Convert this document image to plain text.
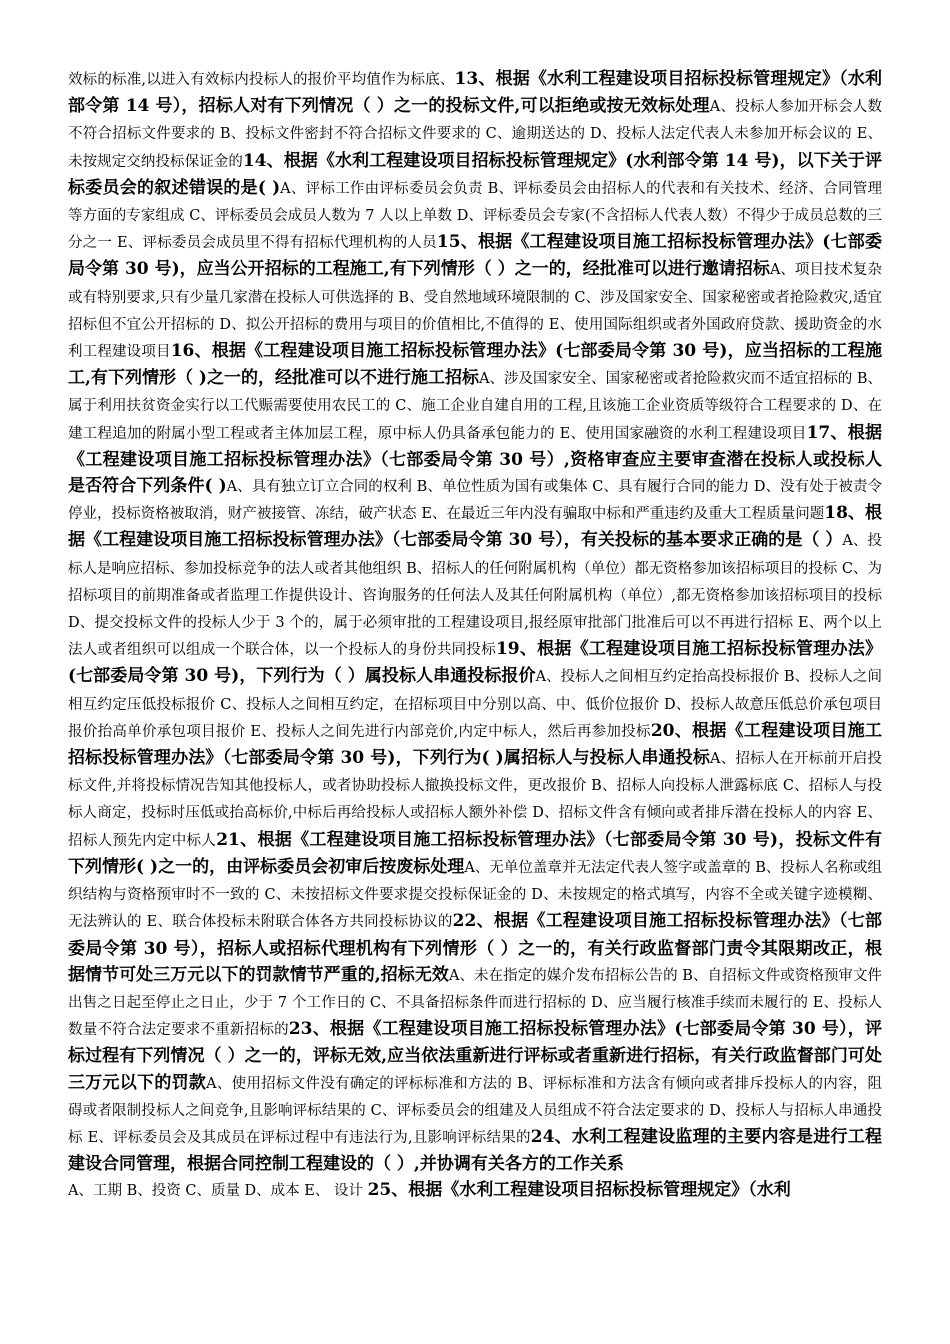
效标的标准,以进入有效标内投标人的报价平均值作为标底、13、根据《水利工程建设项目招标投标管理规定》（水利部令第 14 号），招标人对有下列情况（ ）之一的投标文件,可以拒绝或按无效标处理A、投标人参加开标会人数不符合招标文件要求的 B、投标文件密封不符合招标文件要求的 C、逾期送达的 D、投标人法定代表人未参加开标会议的 E、未按规定交纳投标保证金的14、根据《水利工程建设项目招标投标管理规定》(水利部令第 14 号)，以下关于评标委员会的叙述错误的是( )A、评标工作由评标委员会负责 B、评标委员会由招标人的代表和有关技术、经济、合同管理等方面的专家组成 C、评标委员会成员人数为 7 人以上单数 D、评标委员会专家(不含招标人代表人数）不得少于成员总数的三分之一 E、评标委员会成员里不得有招标代理机构的人员15、根据《工程建设项目施工招标投标管理办法》(七部委局令第 30 号)，应当公开招标的工程施工,有下列情形（ ）之一的，经批准可以进行邀请招标A、项目技术复杂或有特别要求,只有少量几家潜在投标人可供选择的 B、受自然地域环境限制的 C、涉及国家安全、国家秘密或者抢险救灾,适宜招标但不宜公开招标的 D、拟公开招标的费用与项目的价值相比,不值得的 E、使用国际组织或者外国政府贷款、援助资金的水利工程建设项目16、根据《工程建设项目施工招标投标管理办法》(七部委局令第 30 号)，应当招标的工程施工,有下列情形（ )之一的，经批准可以不进行施工招标A、涉及国家安全、国家秘密或者抢险救灾而不适宜招标的 B、属于利用扶贫资金实行以工代赈需要使用农民工的 C、施工企业自建自用的工程,且该施工企业资质等级符合工程要求的 D、在建工程追加的附属小型工程或者主体加层工程，原中标人仍具备承包能力的 E、使用国家融资的水利工程建设项目17、根据《工程建设项目施工招标投标管理办法》（七部委局令第 30 号）,资格审查应主要审查潜在投标人或投标人是否符合下列条件( )A、具有独立订立合同的权利 B、单位性质为国有或集体 C、具有履行合同的能力 D、没有处于被责令停业，投标资格被取消，财产被接管、冻结，破产状态 E、在最近三年内没有骗取中标和严重违约及重大工程质量问题18、根据《工程建设项目施工招标投标管理办法》（七部委局令第 30 号），有关投标的基本要求正确的是（ ）A、投标人是响应招标、参加投标竞争的法人或者其他组织 B、招标人的任何附属机构（单位）都无资格参加该招标项目的投标 C、为招标项目的前期准备或者监理工作提供设计、咨询服务的任何法人及其任何附属机构（单位）,都无资格参加该招标项目的投标 D、提交投标文件的投标人少于 3 个的，属于必须审批的工程建设项目,报经原审批部门批准后可以不再进行招标 E、两个以上法人或者组织可以组成一个联合体，以一个投标人的身份共同投标19、根据《工程建设项目施工招标投标管理办法》(七部委局令第 30 号)，下列行为（ ）属投标人串通投标报价A、投标人之间相互约定抬高投标报价 B、投标人之间相互约定压低投标报价 C、投标人之间相互约定，在招标项目中分别以高、中、低价位报价 D、投标人故意压低总价承包项目报价抬高单价承包项目报价 E、投标人之间先进行内部竞价,内定中标人，然后再参加投标20、根据《工程建设项目施工招标投标管理办法》（七部委局令第 30 号)，下列行为( )属招标人与投标人串通投标A、招标人在开标前开启投标文件,并将投标情况告知其他投标人，或者协助投标人撤换投标文件，更改报价 B、招标人向投标人泄露标底 C、招标人与投标人商定，投标时压低或抬高标价,中标后再给投标人或招标人额外补偿 D、招标文件含有倾向或者排斥潜在投标人的内容 E、招标人预先内定中标人21、根据《工程建设项目施工招标投标管理办法》（七部委局令第 30 号)，投标文件有下列情形( )之一的，由评标委员会初审后按废标处理A、无单位盖章并无法定代表人签字或盖章的 B、投标人名称或组织结构与资格预审时不一致的 C、未按招标文件要求提交投标保证金的 D、未按规定的格式填写，内容不全或关键字迹模糊、无法辨认的 E、联合体投标未附联合体各方共同投标协议的22、根据《工程建设项目施工招标投标管理办法》（七部委局令第 30 号），招标人或招标代理机构有下列情形（ ）之一的，有关行政监督部门责令其限期改正，根据情节可处三万元以下的罚款情节严重的,招标无效A、未在指定的媒介发布招标公告的 B、自招标文件或资格预审文件出售之日起至停止之日止，少于 7 个工作日的 C、不具备招标条件而进行招标的 D、应当履行核准手续而未履行的 E、投标人数量不符合法定要求不重新招标的23、根据《工程建设项目施工招标投标管理办法》(七部委局令第 30 号），评标过程有下列情况（ ）之一的，评标无效,应当依法重新进行评标或者重新进行招标，有关行政监督部门可处三万元以下的罚款A、使用招标文件没有确定的评标标准和方法的 B、评标标准和方法含有倾向或者排斥投标人的内容，阻碍或者限制投标人之间竞争,且影响评标结果的 C、评标委员会的组建及人员组成不符合法定要求的 D、投标人与招标人串通投标 E、评标委员会及其成员在评标过程中有违法行为,且影响评标结果的24、水利工程建设监理的主要内容是进行工程建设合同管理，根据合同控制工程建设的（ ）,并协调有关各方的工作关系
A、工期 B、投资 C、质量 D、成本 E、 设计 25、根据《水利工程建设项目招标投标管理规定》（水利
